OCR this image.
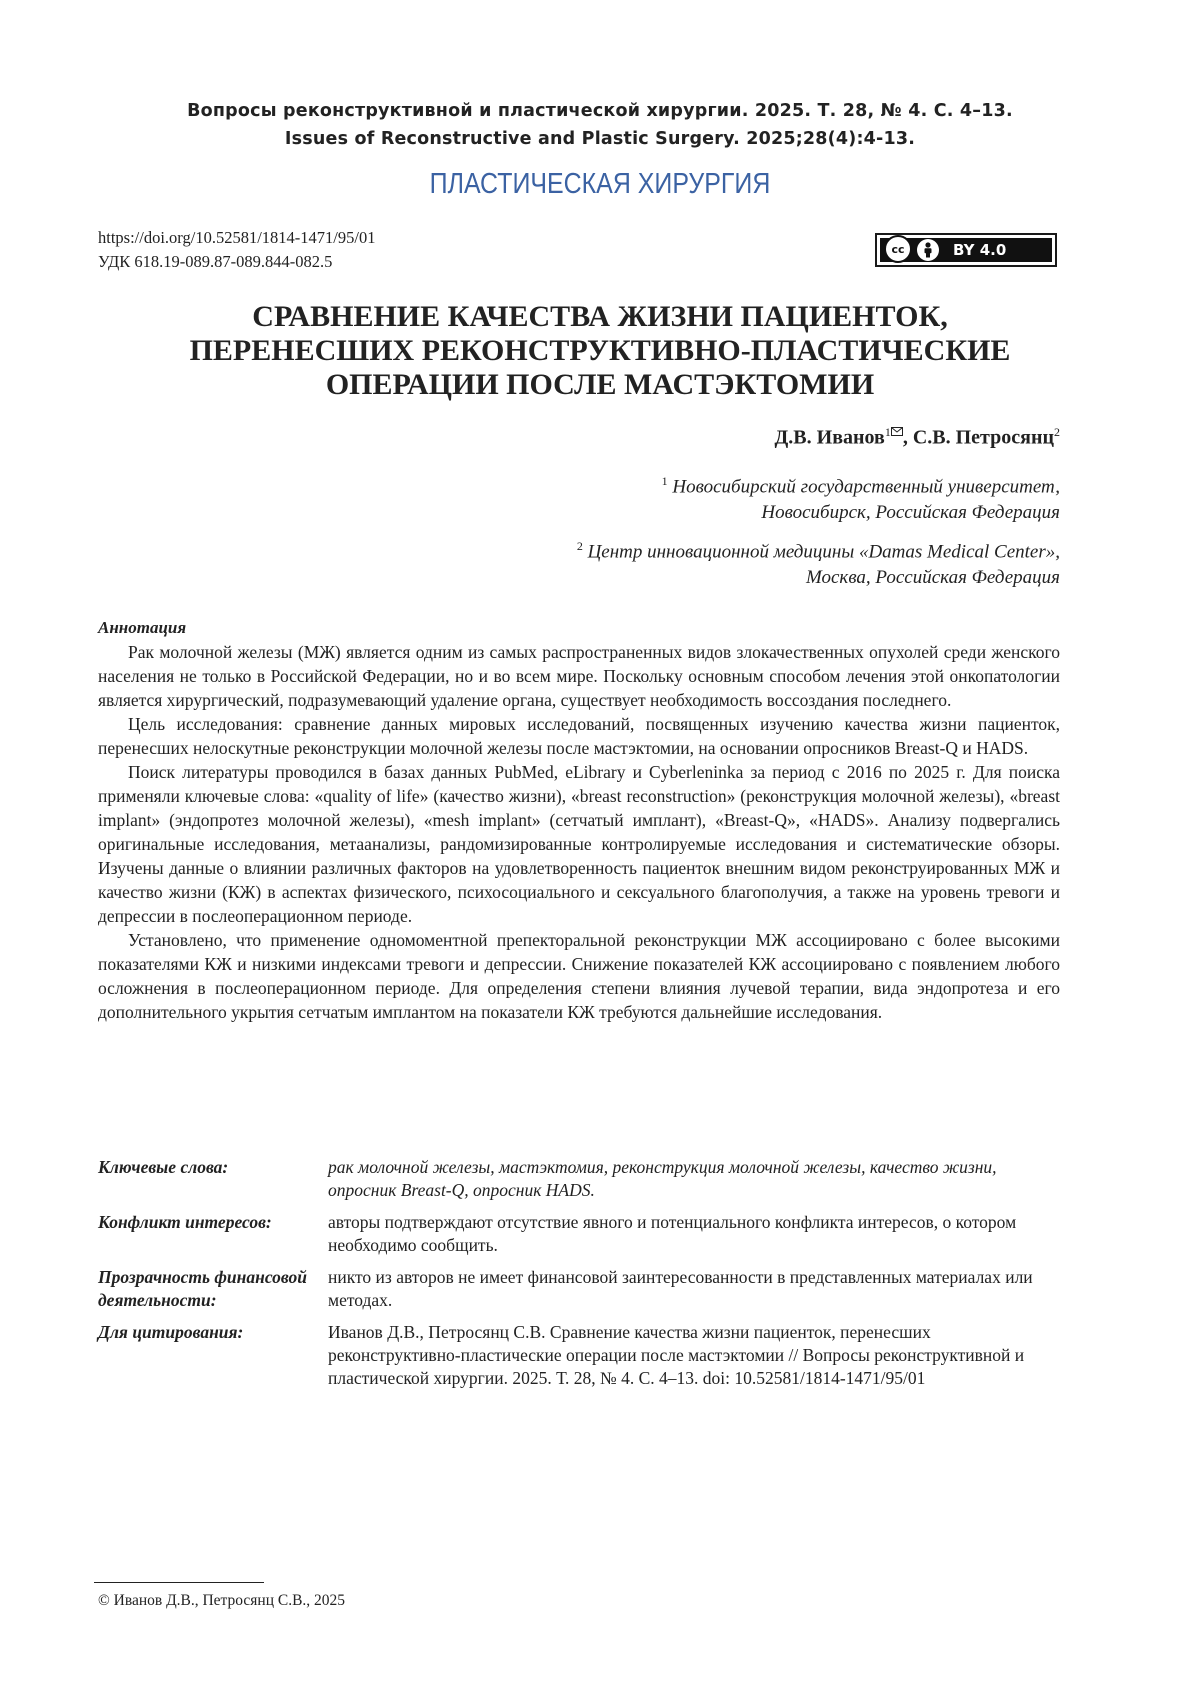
Вопросы реконструктивной и пластической хирургии. 2025. Т. 28, № 4. С. 4–13.
Issues of Reconstructive and Plastic Surgery. 2025;28(4):4-13.
ПЛАСТИЧЕСКАЯ ХИРУРГИЯ
https://doi.org/10.52581/1814-1471/95/01
УДК 618.19-089.87-089.844-082.5
cc	BY 4.0
СРАВНЕНИЕ КАЧЕСТВА ЖИЗНИ ПАЦИЕНТОК,
ПЕРЕНЕСШИХ РЕКОНСТРУКТИВНО-ПЛАСТИЧЕСКИЕ
ОПЕРАЦИИ ПОСЛЕ МАСТЭКТОМИИ
Д.В. Иванов$^1$ , С.В. Петросянц$^2$
$^1$ Новосибирский государственный университет,
Новосибирск, Российская Федерация
$^2$ Центр инновационной медицины «Damas Medical Center»,
Москва, Российская Федерация
Аннотация

Рак молочной железы (МЖ) является одним из самых распространенных видов злокачественных опухолей среди женского населения не только в Российской Федерации, но и во всем мире. Поскольку основным способом лечения этой онкопатологии является хирургический, подразумевающий удаление органа, существует необходимость воссоздания последнего.

Цель исследования: сравнение данных мировых исследований, посвященных изучению качества жизни пациенток, перенесших нелоскутные реконструкции молочной железы после мастэктомии, на основании опросников Breast-Q и HADS.

Поиск литературы проводился в базах данных PubMed, eLibrary и Cyberleninka за период с 2016 по 2025 г. Для поиска применяли ключевые слова: «quality of life» (качество жизни), «breast reconstruction» (реконструкция молочной железы), «breast implant» (эндопротез молочной железы), «mesh implant» (сетчатый имплант), «Breast-Q», «HADS». Анализу подвергались оригинальные исследования, метаанализы, рандомизированные контролируемые исследования и систематические обзоры. Изучены данные о влиянии различных факторов на удовлетворенность пациенток внешним видом реконструированных МЖ и качество жизни (КЖ) в аспектах физического, психосоциального и сексуального благополучия, а также на уровень тревоги и депрессии в послеоперационном периоде.

Установлено, что применение одномоментной препекторальной реконструкции МЖ ассоциировано с более высокими показателями КЖ и низкими индексами тревоги и депрессии. Снижение показателей КЖ ассоциировано с появлением любого осложнения в послеоперационном периоде. Для определения степени влияния лучевой терапии, вида эндопротеза и его дополнительного укрытия сетчатым имплантом на показатели КЖ требуются дальнейшие исследования.

Ключевые слова:	рак молочной железы, мастэктомия, реконструкция молочной железы, качество жизни, опросник Breast-Q, опросник HADS.
Конфликт интересов:	авторы подтверждают отсутствие явного и потенциального конфликта интересов, о котором необходимо сообщить.
Прозрачность финансовой деятельности:
никто из авторов не имеет финансовой заинтересованности в представленных материалах или методах.
Для цитирования:	Иванов Д.В., Петросянц С.В. Сравнение качества жизни пациенток, перенесших реконструктивно-пластические операции после мастэктомии // Вопросы реконструктивной и пластической хирургии. 2025. Т. 28, № 4. С. 4–13. doi: 10.52581/1814-1471/95/01
© Иванов Д.В., Петросянц С.В., 2025
